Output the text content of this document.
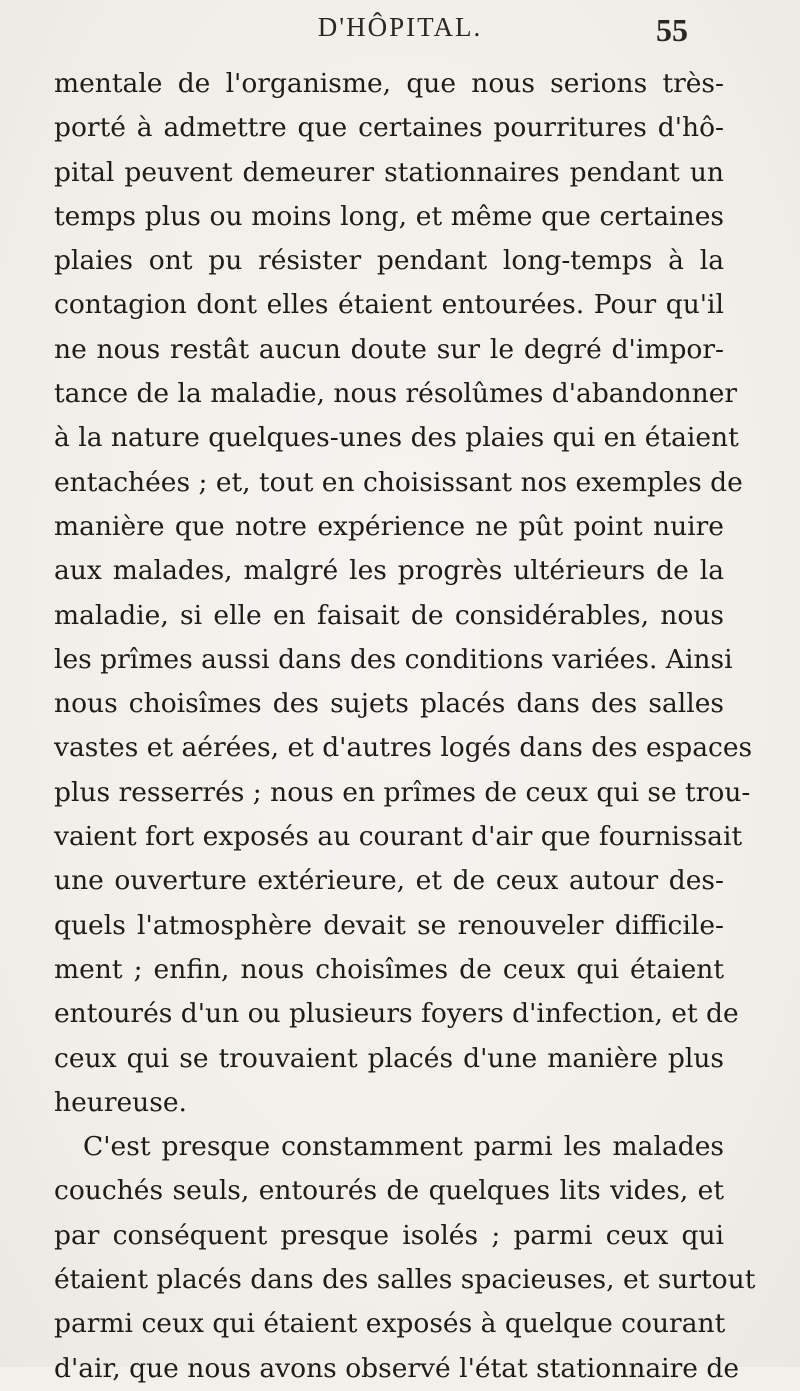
D'HÔPITAL.	55
mentale de l'organisme, que nous serions très-
porté à admettre que certaines pourritures d'hô-
pital peuvent demeurer stationnaires pendant un
temps plus ou moins long, et même que certaines
plaies ont pu résister pendant long-temps à la
contagion dont elles étaient entourées. Pour qu'il
ne nous restât aucun doute sur le degré d'impor-
tance de la maladie, nous résolûmes d'abandonner
à la nature quelques-unes des plaies qui en étaient
entachées ; et, tout en choisissant nos exemples de
manière que notre expérience ne pût point nuire
aux malades, malgré les progrès ultérieurs de la
maladie, si elle en faisait de considérables, nous
les prîmes aussi dans des conditions variées. Ainsi
nous choisîmes des sujets placés dans des salles
vastes et aérées, et d'autres logés dans des espaces
plus resserrés ; nous en prîmes de ceux qui se trou-
vaient fort exposés au courant d'air que fournissait
une ouverture extérieure, et de ceux autour des-
quels l'atmosphère devait se renouveler difficile-
ment ; enfin, nous choisîmes de ceux qui étaient
entourés d'un ou plusieurs foyers d'infection, et de
ceux qui se trouvaient placés d'une manière plus
heureuse.
C'est presque constamment parmi les malades
couchés seuls, entourés de quelques lits vides, et
par conséquent presque isolés ; parmi ceux qui
étaient placés dans des salles spacieuses, et surtout
parmi ceux qui étaient exposés à quelque courant
d'air, que nous avons observé l'état stationnaire de
